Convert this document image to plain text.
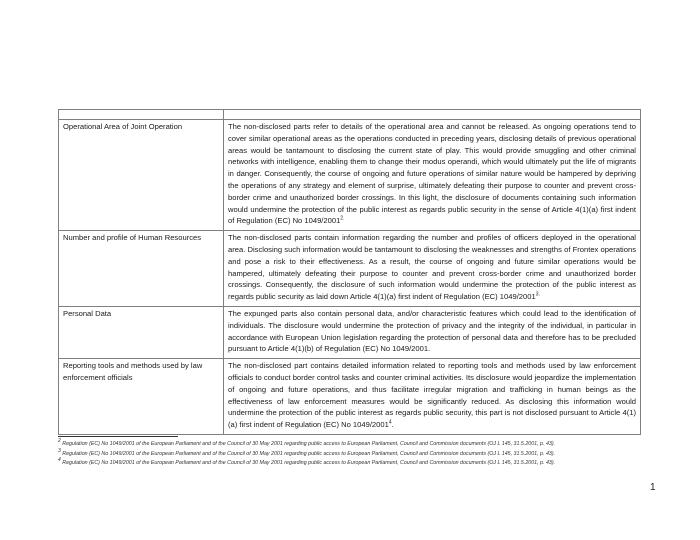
Operational Area of Joint Operation	The non-disclosed parts refer to details of the operational area and cannot be released. As ongoing operations tend to cover similar operational areas as the operations conducted in preceding years, disclosing details of previous operational areas would be tantamount to disclosing the current state of play. This would provide smuggling and other criminal networks with intelligence, enabling them to change their modus operandi, which would ultimately put the life of migrants in danger. Consequently, the course of ongoing and future operations of similar nature would be hampered by depriving the operations of any strategy and element of surprise, ultimately defeating their purpose to counter and prevent cross-border crime and unauthorized border crossings. In this light, the disclosure of documents containing such information would undermine the protection of the public interest as regards public security in the sense of Article 4(1)(a) first indent of Regulation (EC) No $1049/2001^{2.}$
Number and profile of Human Resources	The non-disclosed parts contain information regarding the number and profiles of officers deployed in the operational area. Disclosing such information would be tantamount to disclosing the weaknesses and strengths of Frontex operations and pose a risk to their effectiveness. As a result, the course of ongoing and future similar operations would be hampered, ultimately defeating their purpose to counter and prevent cross-border crime and unauthorized border crossings. Consequently, the disclosure of such information would undermine the protection of the public interest as regards public security as laid down Article 4(1)(a) first indent of Regulation (EC) $1049/2001^{3.}$
Personal Data	The expunged parts also contain personal data, and/or characteristic features which could lead to the identification of individuals. The disclosure would undermine the protection of privacy and the integrity of the individual, in particular in accordance with European Union legislation regarding the protection of personal data and therefore has to be precluded pursuant to Article 4(1)(b) of Regulation (EC) No 1049/2001.
Reporting tools and methods used by law enforcement officials	The non-disclosed part contains detailed information related to reporting tools and methods used by law enforcement officials to conduct border control tasks and counter criminal activities. Its disclosure would jeopardize the implementation of ongoing and future operations, and thus facilitate irregular migration and trafficking in human beings as the effectiveness of law enforcement measures would be significantly reduced. As disclosing this information would undermine the protection of the public interest as regards public security, this part is not disclosed pursuant to Article 4(1)(a) first indent of Regulation (EC) No 1049/2001$^4$.
$^2$ Regulation (EC) No 1049/2001 of the European Parliament and of the Council of 30 May 2001 regarding public access to European Parliament, Council and Commission documents (OJ L 145, 31.5.2001, p. 43).
$^3$ Regulation (EC) No 1049/2001 of the European Parliament and of the Council of 30 May 2001 regarding public access to European Parliament, Council and Commission documents (OJ L 145, 31.5.2001, p. 43).
$^4$ Regulation (EC) No 1049/2001 of the European Parliament and of the Council of 30 May 2001 regarding public access to European Parliament, Council and Commission documents (OJ L 145, 31.5.2001, p. 43).
1
